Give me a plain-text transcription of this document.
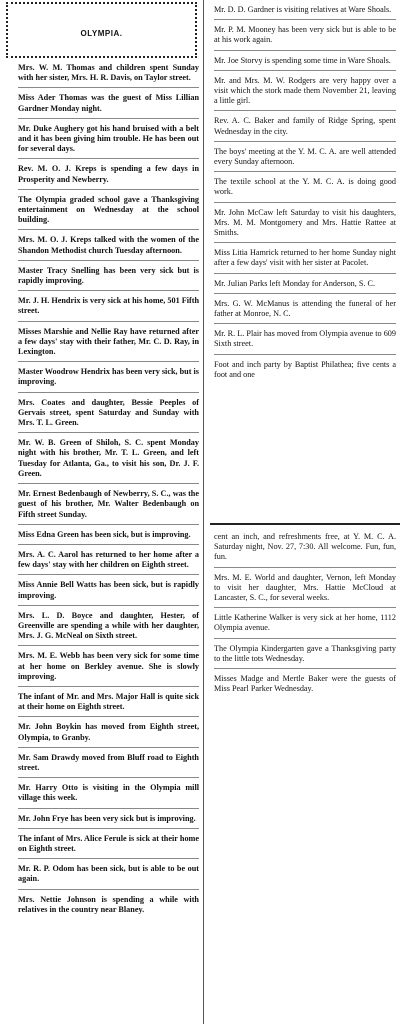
OLYMPIA.
Mrs. W. M. Thomas and children spent Sunday with her sister, Mrs. H. R. Davis, on Taylor street.
Miss Ader Thomas was the guest of Miss Lillian Gardner Monday night.
Mr. Duke Aughery got his hand bruised with a belt and it has been giving him trouble. He has been out for several days.
Rev. M. O. J. Kreps is spending a few days in Prosperity and Newberry.
The Olympia graded school gave a Thanksgiving entertainment on Wednesday at the school building.
Mrs. M. O. J. Kreps talked with the women of the Shandon Methodist church Tuesday afternoon.
Master Tracy Snelling has been very sick but is rapidly improving.
Mr. J. H. Hendrix is very sick at his home, 501 Fifth street.
Misses Marshie and Nellie Ray have returned after a few days' stay with their father, Mr. C. D. Ray, in Lexington.
Master Woodrow Hendrix has been very sick, but is improving.
Mrs. Coates and daughter, Bessie Peeples of Gervais street, spent Saturday and Sunday with Mrs. T. L. Green.
Mr. W. B. Green of Shiloh, S. C. spent Monday night with his brother, Mr. T. L. Green, and left Tuesday for Atlanta, Ga., to visit his son, Dr. J. F. Green.
Mr. Ernest Bedenbaugh of Newberry, S. C., was the guest of his brother, Mr. Walter Bedenbaugh on Fifth street Sunday.
Miss Edna Green has been sick, but is improving.
Mrs. A. C. Aarol has returned to her home after a few days' stay with her children on Eighth street.
Miss Annie Bell Watts has been sick, but is rapidly improving.
Mrs. L. D. Boyce and daughter, Hester, of Greenville are spending a while with her daughter, Mrs. J. G. McNeal on Sixth street.
Mrs. M. E. Webb has been very sick for some time at her home on Berkley avenue. She is slowly improving.
The infant of Mr. and Mrs. Major Hall is quite sick at their home on Eighth street.
Mr. John Boykin has moved from Eighth street, Olympia, to Granby.
Mr. Sam Drawdy moved from Bluff road to Eighth street.
Mr. Harry Otto is visiting in the Olympia mill village this week.
Mr. John Frye has been very sick but is improving.
The infant of Mrs. Alice Ferule is sick at their home on Eighth street.
Mr. R. P. Odom has been sick, but is able to be out again.
Mrs. Nettie Johnson is spending a while with relatives in the country near Blaney.
Mr. D. D. Gardner is visiting relatives at Ware Shoals.
Mr. P. M. Mooney has been very sick but is able to be at his work again.
Mr. Joe Storvy is spending some time in Ware Shoals.
Mr. and Mrs. M. W. Rodgers are very happy over a visit which the stork made them November 21, leaving a little girl.
Rev. A. C. Baker and family of Ridge Spring, spent Wednesday in the city.
The boys' meeting at the Y. M. C. A. are well attended every Sunday afternoon.
The textile school at the Y. M. C. A. is doing good work.
Mr. John McCaw left Saturday to visit his daughters, Mrs. M. M. Montgomery and Mrs. Hattie Rattee at Smiths.
Miss Litia Hamrick returned to her home Sunday night after a few days' visit with her sister at Pacolet.
Mr. Julian Parks left Monday for Anderson, S. C.
Mrs. G. W. McManus is attending the funeral of her father at Monroe, N. C.
Mr. R. L. Plair has moved from Olympia avenue to 609 Sixth street.
Foot and inch party by Baptist Philathea; five cents a foot and one
cent an inch, and refreshments free, at Y. M. C. A. Saturday night, Nov. 27, 7:30. All welcome. Fun, fun, fun.
Mrs. M. E. World and daughter, Vernon, left Monday to visit her daughter, Mrs. Hattie McCloud at Lancaster, S. C., for several weeks.
Little Katherine Walker is very sick at her home, 1112 Olympia avenue.
The Olympia Kindergarten gave a Thanksgiving party to the little tots Wednesday.
Misses Madge and Mertle Baker were the guests of Miss Pearl Parker Wednesday.
